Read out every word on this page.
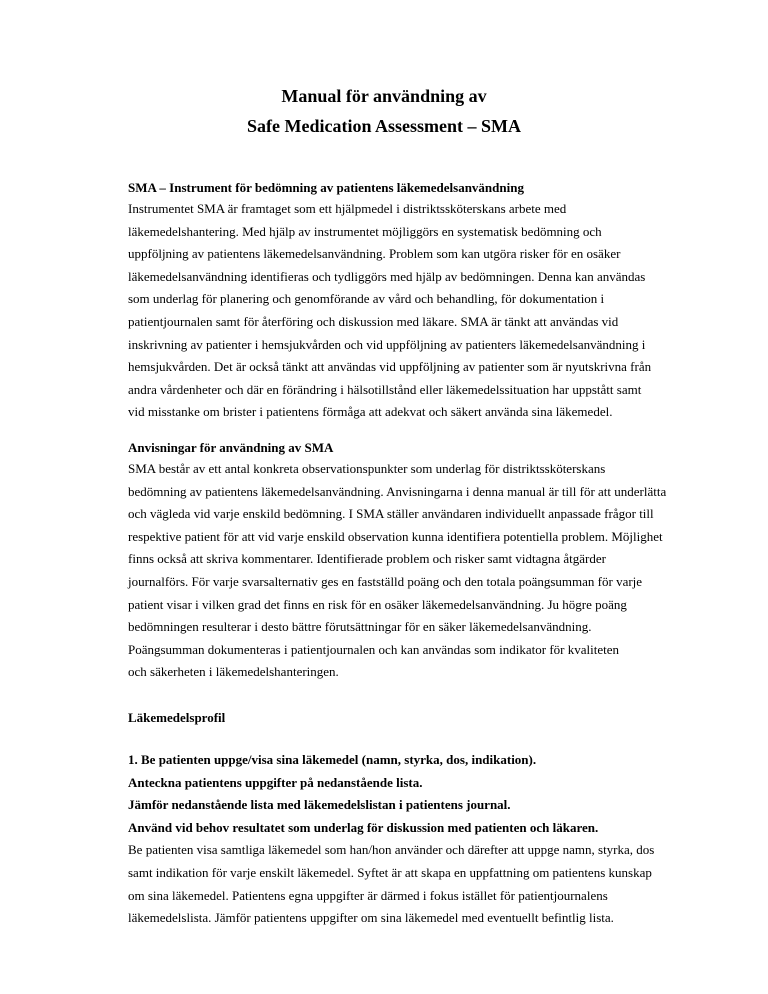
Manual för användning av
Safe Medication Assessment – SMA
SMA – Instrument för bedömning av patientens läkemedelsanvändning
Instrumentet SMA är framtaget som ett hjälpmedel i distriktssköterskans arbete med
läkemedelshantering. Med hjälp av instrumentet möjliggörs en systematisk bedömning och
uppföljning av patientens läkemedelsanvändning. Problem som kan utgöra risker för en osäker
läkemedelsanvändning identifieras och tydliggörs med hjälp av bedömningen. Denna kan användas
som underlag för planering och genomförande av vård och behandling, för dokumentation i
patientjournalen samt för återföring och diskussion med läkare. SMA är tänkt att användas vid
inskrivning av patienter i hemsjukvården och vid uppföljning av patienters läkemedelsanvändning i
hemsjukvården. Det är också tänkt att användas vid uppföljning av patienter som är nyutskrivna från
andra vårdenheter och där en förändring i hälsotillstånd eller läkemedelssituation har uppstått samt
vid misstanke om brister i patientens förmåga att adekvat och säkert använda sina läkemedel.
Anvisningar för användning av SMA
SMA består av ett antal konkreta observationspunkter som underlag för distriktssköterskans
bedömning av patientens läkemedelsanvändning. Anvisningarna i denna manual är till för att underlätta
och vägleda vid varje enskild bedömning. I SMA ställer användaren individuellt anpassade frågor till
respektive patient för att vid varje enskild observation kunna identifiera potentiella problem. Möjlighet
finns också att skriva kommentarer. Identifierade problem och risker samt vidtagna åtgärder
journalförs. För varje svarsalternativ ges en fastställd poäng och den totala poängsumman för varje
patient visar i vilken grad det finns en risk för en osäker läkemedelsanvändning. Ju högre poäng
bedömningen resulterar i desto bättre förutsättningar för en säker läkemedelsanvändning.
Poängsumman dokumenteras i patientjournalen och kan användas som indikator för kvaliteten
och säkerheten i läkemedelshanteringen.
Läkemedelsprofil
1. Be patienten uppge/visa sina läkemedel (namn, styrka, dos, indikation).
Anteckna patientens uppgifter på nedanstående lista.
Jämför nedanstående lista med läkemedelslistan i patientens journal.
Använd vid behov resultatet som underlag för diskussion med patienten och läkaren.
Be patienten visa samtliga läkemedel som han/hon använder och därefter att uppge namn, styrka, dos
samt indikation för varje enskilt läkemedel. Syftet är att skapa en uppfattning om patientens kunskap
om sina läkemedel. Patientens egna uppgifter är därmed i fokus istället för patientjournalens
läkemedelslista. Jämför patientens uppgifter om sina läkemedel med eventuellt befintlig lista.
